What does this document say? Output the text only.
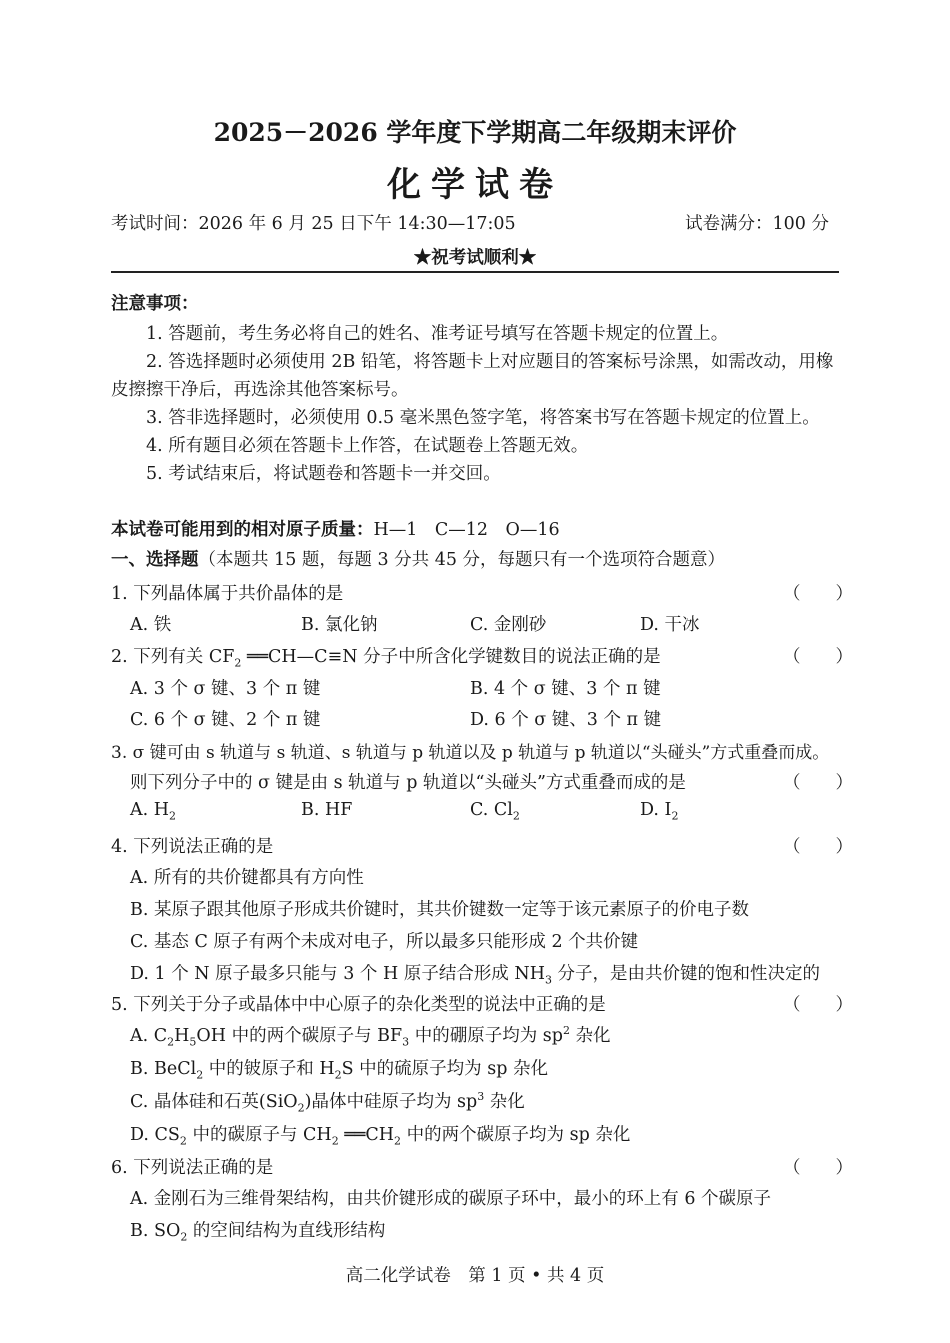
2025－2026 学年度下学期高二年级期末评价
化学试卷
考试时间：2026 年 6 月 25 日下午 14:30—17:05	试卷满分：100 分
★祝考试顺利★
注意事项：
1. 答题前，考生务必将自己的姓名、准考证号填写在答题卡规定的位置上。
2. 答选择题时必须使用 2B 铅笔，将答题卡上对应题目的答案标号涂黑，如需改动，用橡
皮擦擦干净后，再选涂其他答案标号。
3. 答非选择题时，必须使用 0.5 毫米黑色签字笔，将答案书写在答题卡规定的位置上。
4. 所有题目必须在答题卡上作答，在试题卷上答题无效。
5. 考试结束后，将试题卷和答题卡一并交回。
本试卷可能用到的相对原子质量：H—1　C—12　O—16
一、选择题（本题共 15 题，每题 3 分共 45 分，每题只有一个选项符合题意）
1. 下列晶体属于共价晶体的是	（　　）
A. 铁	B. 氯化钠	C. 金刚砂	D. 干冰
2. 下列有关 $CF_2$ ══CH—C≡N 分子中所含化学键数目的说法正确的是	（　　）
A. 3 个 σ 键、3 个 π 键	B. 4 个 σ 键、3 个 π 键
C. 6 个 σ 键、2 个 π 键	D. 6 个 σ 键、3 个 π 键
3. σ 键可由 s 轨道与 s 轨道、s 轨道与 p 轨道以及 p 轨道与 p 轨道以“头碰头”方式重叠而成。
则下列分子中的 σ 键是由 s 轨道与 p 轨道以“头碰头”方式重叠而成的是	（　　）
A. $H_2$	B. HF	C. $Cl_2$	D. $I_2$
4. 下列说法正确的是	（　　）
A. 所有的共价键都具有方向性
B. 某原子跟其他原子形成共价键时，其共价键数一定等于该元素原子的价电子数
C. 基态 C 原子有两个未成对电子，所以最多只能形成 2 个共价键
D. 1 个 N 原子最多只能与 3 个 H 原子结合形成 $NH_3$ 分子，是由共价键的饱和性决定的
5. 下列关于分子或晶体中中心原子的杂化类型的说法中正确的是	（　　）
A. $C_2H_5OH$ 中的两个碳原子与 $BF_3$ 中的硼原子均为 $sp^2$ 杂化
B. BeCl$_2$ 中的铍原子和 $H_2S$ 中的硫原子均为 sp 杂化
C. 晶体硅和石英(SiO$_2$)晶体中硅原子均为 $sp^3$ 杂化
D. $CS_2$ 中的碳原子与 $CH_2$ $══CH_2$ 中的两个碳原子均为 sp 杂化
6. 下列说法正确的是	（　　）
A. 金刚石为三维骨架结构，由共价键形成的碳原子环中，最小的环上有 6 个碳原子
B. $SO_2$ 的空间结构为直线形结构
高二化学试卷　第 1 页 • 共 4 页
